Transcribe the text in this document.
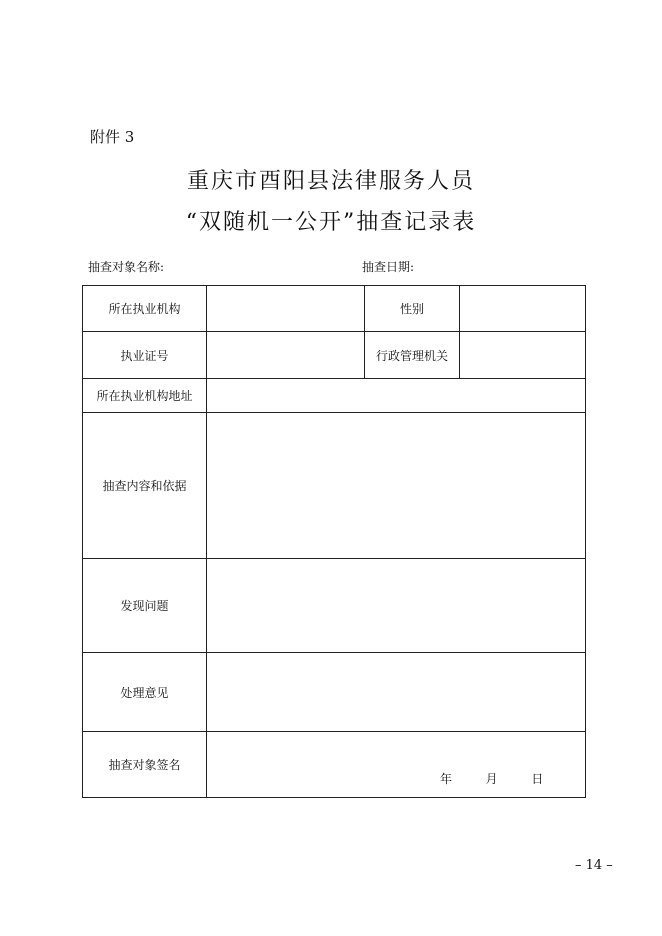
附件 3
重庆市酉阳县法律服务人员
“双随机一公开”抽查记录表
抽查对象名称:	抽查日期:
所在执业机构		性别	
执业证号		行政管理机关	
所在执业机构地址			
抽查内容和依据			
发现问题			
处理意见			
抽查对象签名			
年	月	日
– 14 –
